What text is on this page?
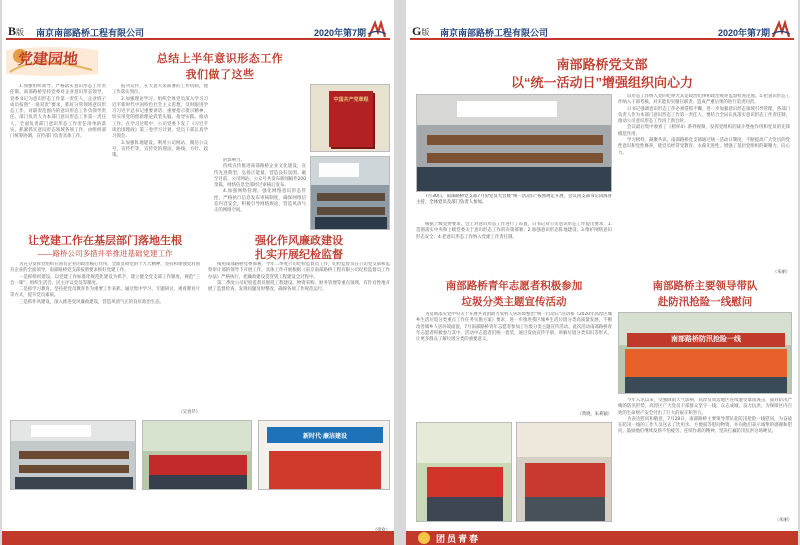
B版 南京南部路桥工程有限公司	2020年第7期
党建园地	总结上半年意识形态工作
我们做了这些

1.加强组织领导。严格落实意识形态工作责任制。南部路桥坚持党委对企业意识形态领导，党委书记为意识形态工作第一责任人，企业班子成员按照“一岗双责”要求，抓好分管领域意识形态工作，对职责范围内的意识形态工作负领导责任。部门负责人为本部门意识形态工作第一责任人，全面负责部门意识形态工作责任清单的落实。抓紧抓实意识形态领域各项工作，由组织部门统筹协调，宣传部门负责具体工作。

报刊宣传，在大意大来部署的工作机制，使工作落实到位。

2.加强理论学习。组织全体党员深入学习习近平新时代中国特色社会主义思想，及时跟进学习习近平总书记重要讲话、重要指示批示精神，切实用党的创新理论武装头脑、指导实践、推动工作。在学习过程中，公司党委下发了《习近平谈治国理政》第三卷学习计划，党员干部认真学习领会。

3.加强阵地建设。利用公司网站、微信公众号、宣传栏等，宣传党的理论、路线、方针、政策。

的影响力。

持续宣传推进南部路桥企业文化建设，宣传先进典型，弘扬正能量，营造良好氛围。截至目前，公司网站、公众号共发布新闻稿件200余篇，网络信息全部经过审核后发布。

4.加强网络管理。强化网络意识形态管控，严格执行信息发布审核制度，确保网络信息内容安全，积极引导网络舆论，营造风清气正的网络空间。

中国共产党章程
让党建工作在基层部门落地生根
——路桥公司多措并举推进基础党建工作

为充分发挥党组织在国有企业的政治核心作用，全面贯彻党的十九大精神，坚持和加强党对国有企业的全面领导，南部路桥党支部按照要求抓好党建工作。

一是抓组织建设，以党建工作标准化规范化建设为抓手，建立健全党支部工作制度，规范“三会一课”、组织生活会、民主评议党员等制度。

二是抓学习教育。坚持把党员教育作为重要工作来抓，通过集中学习、专题研讨、观看教育片等方式，提升党员素质。

三是抓作风建设，深入推进党风廉政建设，营造风清气正的良好政治生态。

（吴春芹）
强化作风廉政建设
扎实开展纪检监督

按照南部路桥党委部署，今年二季度公司纪检监督员工作，纪检监督员在公司党支部和监察审计部的领导下开展工作，具体工作开展根据《南京南部路桥工程有限公司纪检监督员工作办法》严格执行，把廉政建设贯穿到工程建设全过程中。

第二季度公司纪检监督员围绕工程建设、物资采购、财务管理等重点领域，有针对性地开展了监督检查，发现问题及时整改，确保各项工作规范运行。

新时代·廉洁建设
G版 南京南部路桥工程有限公司	2020年第7期
南部路桥党支部
以“统一活动日”增强组织向心力

7月30日，南部路桥党支部7月份党员大会暨“统一活动日”按照规定开展，会议由支部书记田海青主持，全体党员及部门负责人参加。

根据上级党委要求，会上对意识形态工作进行了布置，日书记对公司意识形态工作提出要求：1.贯彻落实中央和上级党委关于意识形态工作的决策部署；2.加强意识形态阵地建设；3.维护网络意识形态安全；4.把意识形态工作纳入党建工作责任制。

识形态工作纳入党的纪律尤其是政治纪律和政治规矩监督检查范围。5.把意识形态工作纳入干部考核，对未能切实履行职责、造成严重后果的进行追责问责。

日书记强调意识形态工作必须常抓不懈，进一步加强意识形态领域引导管理，各部门负责人作为本部门意识形态工作第一责任人，要结合全局认真落实意识形态工作责任制，推动公司意识形态工作再上新台阶。

会议最后集中收看了《榜样4》系列视频，发挥党组织的战斗堡垒作用和党员的先锋模范作用。

学习榜样，凝聚共识。南部路桥党支部通过统一活动日制度，不断提高广大党员的党性意识和党性修养，使党员经常受教育、永葆先进性，增强了基层党组织的凝聚力、向心力。

（朱丽）
南部路桥青年志愿者积极参加
垃圾分类主题宣传活动

为贯彻落实党中央关于开展共青团助力农村人居环境整治“统一行动日”活动和《2020年高淳区城乡生活垃圾分类重点工作任务实施方案》要求，进一步推进我区城乡生活垃圾分类高质量发展，不断改善城乡人居环境面貌，7月南部路桥青年志愿者参加了垃圾分类主题宣传活动。此次活动南部路桥青年志愿者积极参与其中，活动中志愿者们统一着装，通过发放宣传手册、讲解垃圾分类知识等形式，让更多群众了解垃圾分类的重要意义。

（黄晓、朱莉颖）
南部路桥主要领导带队
赴防汛抢险一线慰问
南部路桥防汛抢险一线

今年入汛以来，受强降雨天气影响，高淳及周边地区连续遭受暴雨袭击，面对防汛严峻的防汛形势，高淳区广大党员干部群众坚守一线，众志成城，奋力抗洪，为保障区内百姓的生命财产安全付出了巨大的艰辛和努力。

为表达慰问和敬意，7月28日，南部路桥主要领导带队赴防汛抢险一线慰问，为奋战在防汛一线的工作人员送去了饮用水、方便面等慰问物资，并向他们表示诚挚的感谢和慰问，鼓励他们继续发扬不怕疲劳、连续作战的精神，坚决打赢防汛抗洪这场硬仗。

（朱丽）
团员青春
